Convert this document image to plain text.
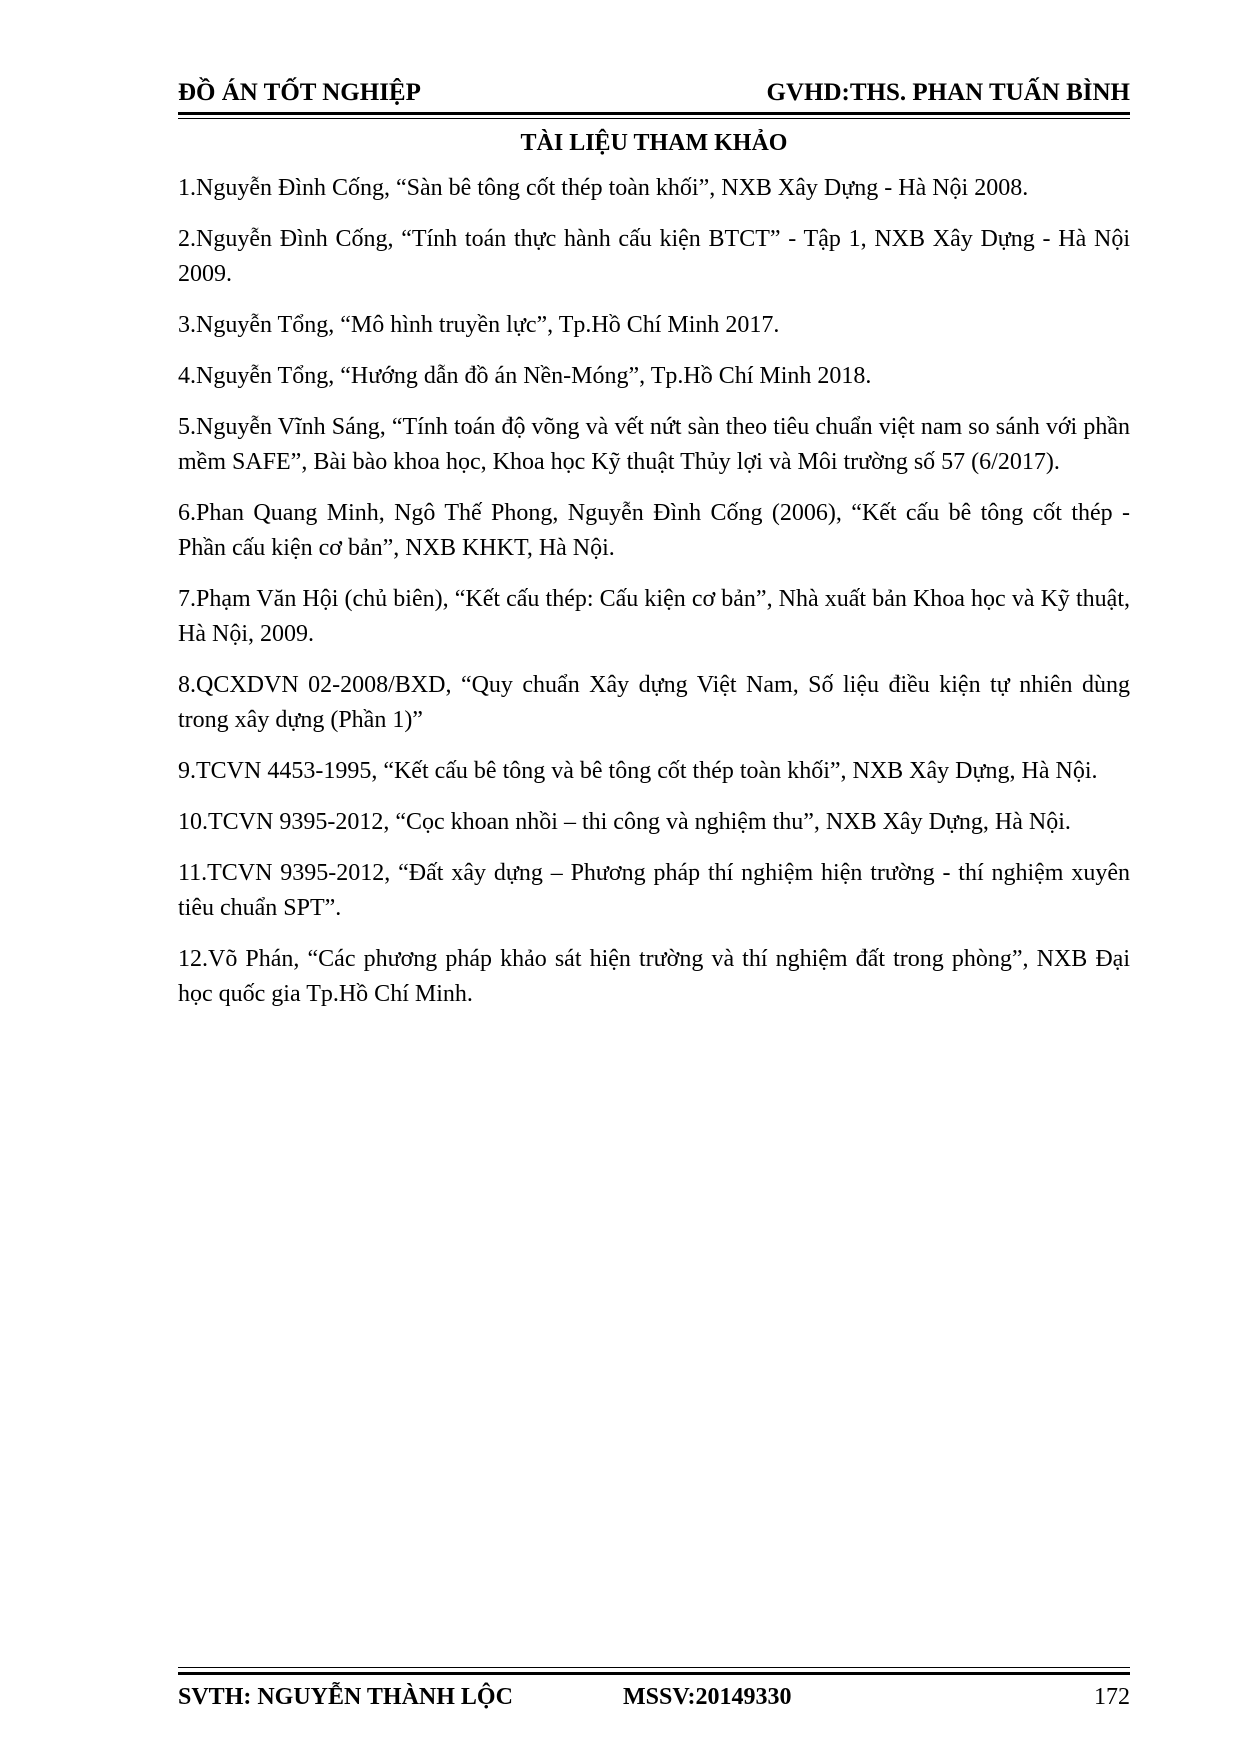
ĐỒ ÁN TỐT NGHIỆP	GVHD:THS. PHAN TUẤN BÌNH
TÀI LIỆU THAM KHẢO
1.Nguyễn Đình Cống, “Sàn bê tông cốt thép toàn khối”, NXB Xây Dựng - Hà Nội 2008.
2.Nguyễn Đình Cống, “Tính toán thực hành cấu kiện BTCT” - Tập 1, NXB Xây Dựng - Hà Nội 2009.
3.Nguyễn Tổng, “Mô hình truyền lực”, Tp.Hồ Chí Minh 2017.
4.Nguyễn Tổng, “Hướng dẫn đồ án Nền-Móng”, Tp.Hồ Chí Minh 2018.
5.Nguyễn Vĩnh Sáng, “Tính toán độ võng và vết nứt sàn theo tiêu chuẩn việt nam so sánh với phần mềm SAFE”, Bài bào khoa học, Khoa học Kỹ thuật Thủy lợi và Môi trường số 57 (6/2017).
6.Phan Quang Minh, Ngô Thế Phong, Nguyễn Đình Cống (2006), “Kết cấu bê tông cốt thép - Phần cấu kiện cơ bản”, NXB KHKT, Hà Nội.
7.Phạm Văn Hội (chủ biên), “Kết cấu thép: Cấu kiện cơ bản”, Nhà xuất bản Khoa học và Kỹ thuật, Hà Nội, 2009.
8.QCXDVN 02-2008/BXD, “Quy chuẩn Xây dựng Việt Nam, Số liệu điều kiện tự nhiên dùng trong xây dựng (Phần 1)”
9.TCVN 4453-1995, “Kết cấu bê tông và bê tông cốt thép toàn khối”, NXB Xây Dựng, Hà Nội.
10.TCVN 9395-2012, “Cọc khoan nhồi – thi công và nghiệm thu”, NXB Xây Dựng, Hà Nội.
11.TCVN 9395-2012, “Đất xây dựng – Phương pháp thí nghiệm hiện trường - thí nghiệm xuyên tiêu chuẩn SPT”.
12.Võ Phán, “Các phương pháp khảo sát hiện trường và thí nghiệm đất trong phòng”, NXB Đại học quốc gia Tp.Hồ Chí Minh.
SVTH: NGUYỄN THÀNH LỘC	MSSV:20149330	172
